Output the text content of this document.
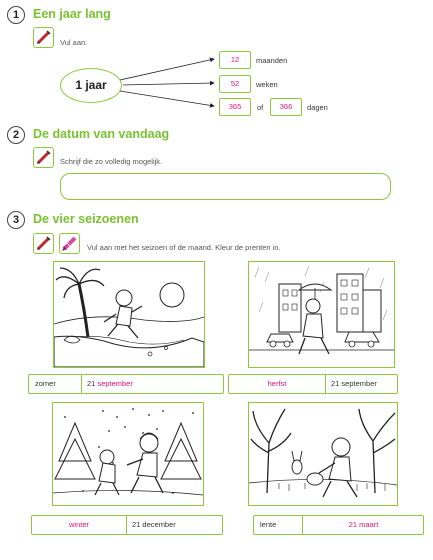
1	Een jaar lang
Vul aan.
1 jaar
12	maanden
52	weken
365	of	366	dagen
2	De datum van vandaag
Schrijf die zo volledig mogelijk.
3	De vier seizoenen
Vul aan met het seizoen of de maand. Kleur de prenten in.
zomer	21 september	herfst	21 september
winter	21 december	lente	21 maart
